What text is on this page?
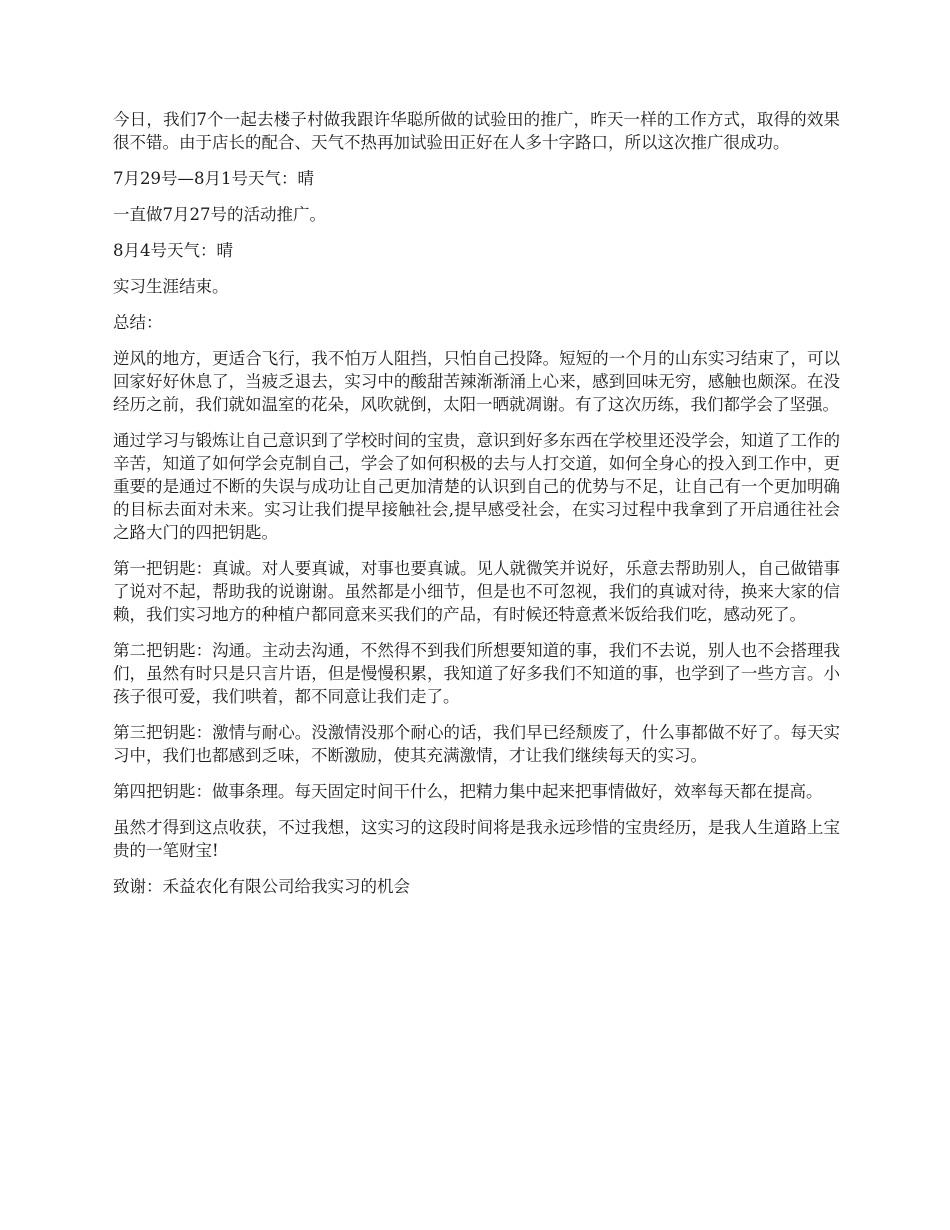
今日，我们7个一起去楼子村做我跟许华聪所做的试验田的推广，昨天一样的工作方式，取得的效果很不错。由于店长的配合、天气不热再加试验田正好在人多十字路口，所以这次推广很成功。

7月29号—8月1号天气：晴

一直做7月27号的活动推广。

8月4号天气：晴

实习生涯结束。

总结：

逆风的地方，更适合飞行，我不怕万人阻挡，只怕自己投降。短短的一个月的山东实习结束了，可以回家好好休息了，当疲乏退去，实习中的酸甜苦辣渐渐涌上心来，感到回味无穷，感触也颇深。在没经历之前，我们就如温室的花朵，风吹就倒，太阳一晒就凋谢。有了这次历练，我们都学会了坚强。

通过学习与锻炼让自己意识到了学校时间的宝贵，意识到好多东西在学校里还没学会，知道了工作的辛苦，知道了如何学会克制自己，学会了如何积极的去与人打交道，如何全身心的投入到工作中，更重要的是通过不断的失误与成功让自己更加清楚的认识到自己的优势与不足，让自己有一个更加明确的目标去面对未来。实习让我们提早接触社会,提早感受社会，在实习过程中我拿到了开启通往社会之路大门的四把钥匙。

第一把钥匙：真诚。对人要真诚，对事也要真诚。见人就微笑并说好，乐意去帮助别人，自己做错事了说对不起，帮助我的说谢谢。虽然都是小细节，但是也不可忽视，我们的真诚对待，换来大家的信赖，我们实习地方的种植户都同意来买我们的产品，有时候还特意煮米饭给我们吃，感动死了。

第二把钥匙：沟通。主动去沟通，不然得不到我们所想要知道的事，我们不去说，别人也不会搭理我们，虽然有时只是只言片语，但是慢慢积累，我知道了好多我们不知道的事，也学到了一些方言。小孩子很可爱，我们哄着，都不同意让我们走了。

第三把钥匙：激情与耐心。没激情没那个耐心的话，我们早已经颓废了，什么事都做不好了。每天实习中，我们也都感到乏味，不断激励，使其充满激情，才让我们继续每天的实习。

第四把钥匙：做事条理。每天固定时间干什么，把精力集中起来把事情做好，效率每天都在提高。

虽然才得到这点收获，不过我想，这实习的这段时间将是我永远珍惜的宝贵经历，是我人生道路上宝贵的一笔财宝!

致谢：禾益农化有限公司给我实习的机会
